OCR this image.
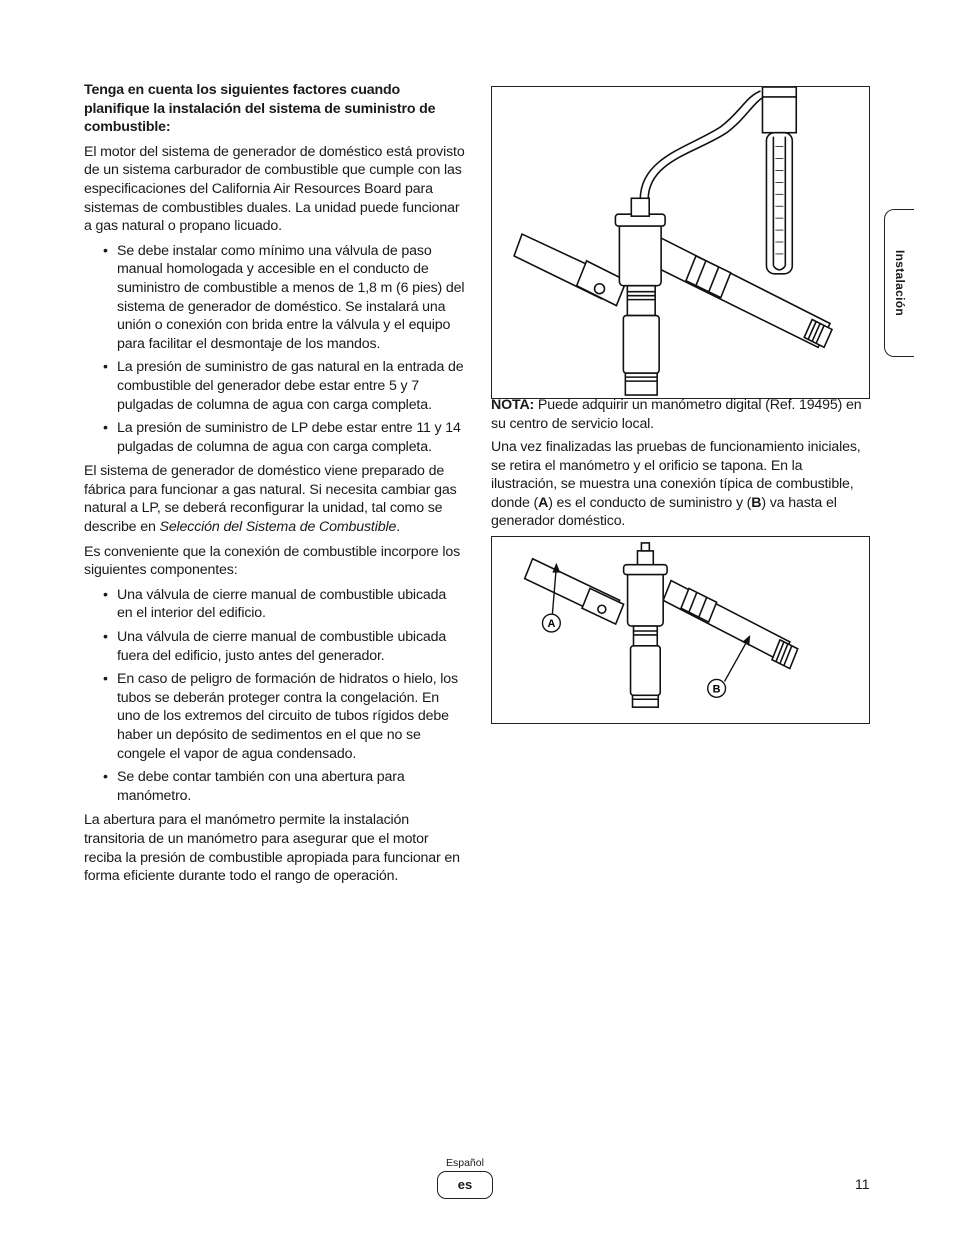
Tenga en cuenta los siguientes factores cuando planifique la instalación del sistema de suministro de combustible:

El motor del sistema de generador de doméstico está provisto de un sistema carburador de combustible que cumple con las especificaciones del California Air Resources Board para sistemas de combustibles duales. La unidad puede funcionar a gas natural o propano licuado.

• Se debe instalar como mínimo una válvula de paso manual homologada y accesible en el conducto de suministro de combustible a menos de 1,8 m (6 pies) del sistema de generador de doméstico. Se instalará una unión o conexión con brida entre la válvula y el equipo para facilitar el desmontaje de los mandos.
• La presión de suministro de gas natural en la entrada de combustible del generador debe estar entre 5 y 7 pulgadas de columna de agua con carga completa.
• La presión de suministro de LP debe estar entre 11 y 14 pulgadas de columna de agua con carga completa.

El sistema de generador de doméstico viene preparado de fábrica para funcionar a gas natural. Si necesita cambiar gas natural a LP, se deberá reconfigurar la unidad, tal como se describe en Selección del Sistema de Combustible.

Es conveniente que la conexión de combustible incorpore los siguientes componentes:

• Una válvula de cierre manual de combustible ubicada en el interior del edificio.
• Una válvula de cierre manual de combustible ubicada fuera del edificio, justo antes del generador.
• En caso de peligro de formación de hidratos o hielo, los tubos se deberán proteger contra la congelación. En uno de los extremos del circuito de tubos rígidos debe haber un depósito de sedimentos en el que no se congele el vapor de agua condensado.
• Se debe contar también con una abertura para manómetro.

La abertura para el manómetro permite la instalación transitoria de un manómetro para asegurar que el motor reciba la presión de combustible apropiada para funcionar en forma eficiente durante todo el rango de operación.

NOTA: Puede adquirir un manómetro digital (Ref. 19495) en su centro de servicio local.

Una vez finalizadas las pruebas de funcionamiento iniciales, se retira el manómetro y el orificio se tapona. En la ilustración, se muestra una conexión típica de combustible, donde (A) es el conducto de suministro y (B) va hasta el generador doméstico.

A
B
Instalación
Español
es	11
